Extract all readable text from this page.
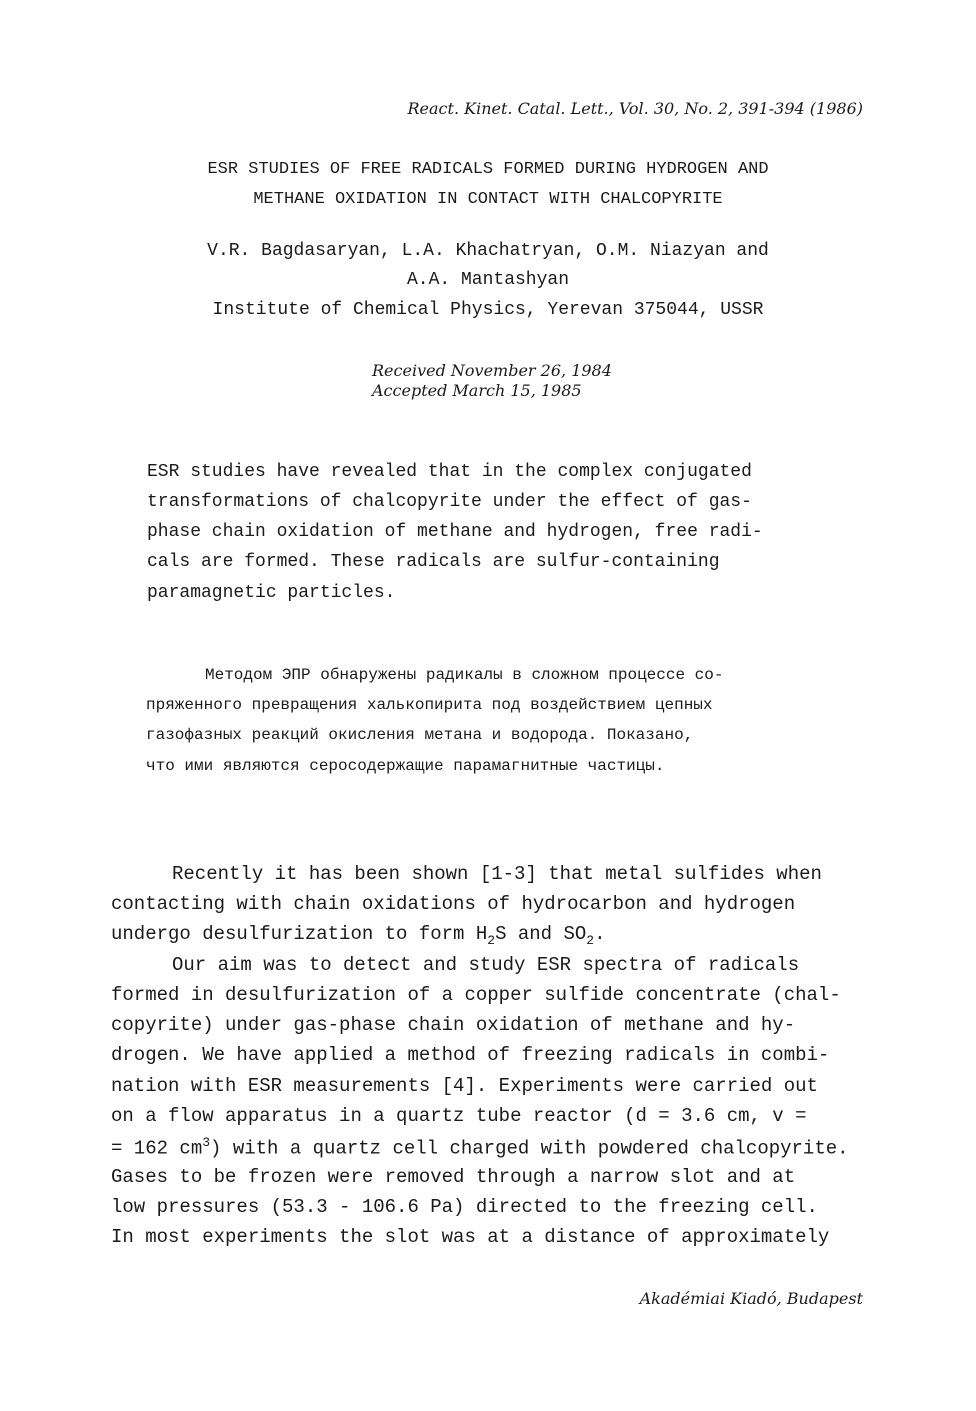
React. Kinet. Catal. Lett., Vol. 30, No. 2, 391-394 (1986)
ESR STUDIES OF FREE RADICALS FORMED DURING HYDROGEN AND
METHANE OXIDATION IN CONTACT WITH CHALCOPYRITE
V.R. Bagdasaryan, L.A. Khachatryan, O.M. Niazyan and
A.A. Mantashyan
Institute of Chemical Physics, Yerevan 375044, USSR
Received November 26, 1984
Accepted March 15, 1985
ESR studies have revealed that in the complex conjugated
transformations of chalcopyrite under the effect of gas-
phase chain oxidation of methane and hydrogen, free radi-
cals are formed. These radicals are sulfur-containing
paramagnetic particles.
Методом ЭПР обнаружены радикалы в сложном процессе со-
пряженного превращения халькопирита под воздействием цепных
газофазных реакций окисления метана и водорода. Показано,
что ими являются серосодержащие парамагнитные частицы.
Recently it has been shown [1-3] that metal sulfides when
contacting with chain oxidations of hydrocarbon and hydrogen
undergo desulfurization to form $H_2S$ and $SO_2$.
Our aim was to detect and study ESR spectra of radicals
formed in desulfurization of a copper sulfide concentrate (chal-
copyrite) under gas-phase chain oxidation of methane and hy-
drogen. We have applied a method of freezing radicals in combi-
nation with ESR measurements [4]. Experiments were carried out
on a flow apparatus in a quartz tube reactor (d = 3.6 cm, v =
= 162 $cm^3$) with a quartz cell charged with powdered chalcopyrite.
Gases to be frozen were removed through a narrow slot and at
low pressures (53.3 - 106.6 Pa) directed to the freezing cell.
In most experiments the slot was at a distance of approximately
Akadémiai Kiadó, Budapest
